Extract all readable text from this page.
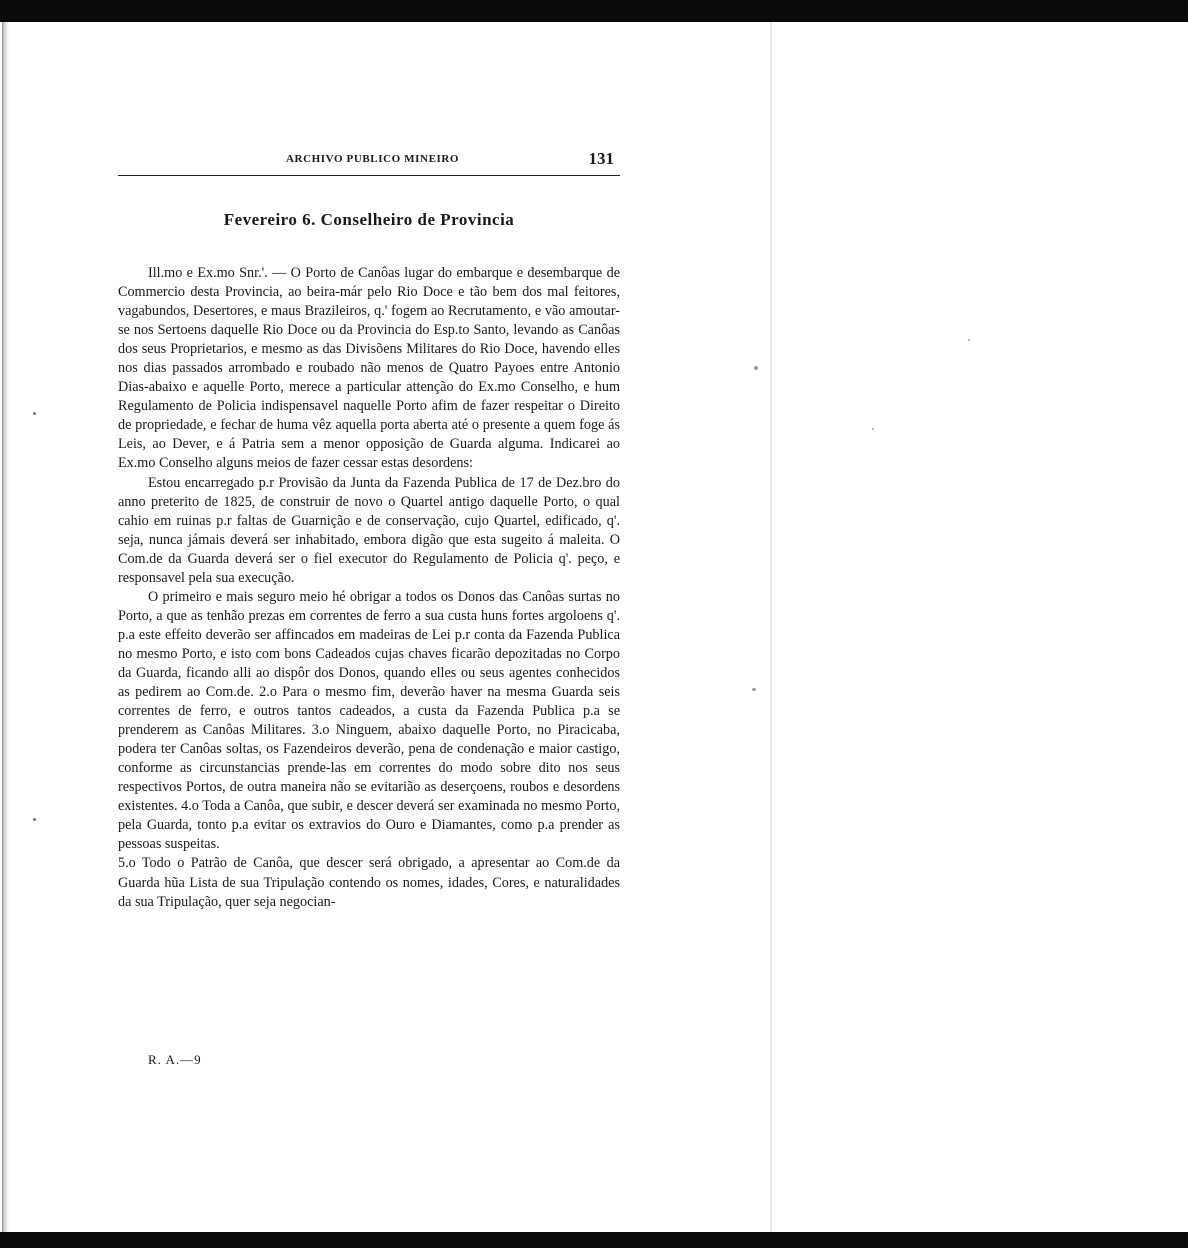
ARCHIVO PUBLICO MINEIRO	131
Fevereiro 6. Conselheiro de Provincia

Ill.mo e Ex.mo Snr.'. — O Porto de Canôas lugar do embarque e desembarque de Commercio desta Provincia, ao beira-már pelo Rio Doce e tão bem dos mal feitores, vagabundos, Desertores, e maus Brazileiros, q.' fogem ao Recrutamento, e vão amoutar-se nos Sertoens daquelle Rio Doce ou da Provincia do Esp.to Santo, levando as Canôas dos seus Proprietarios, e mesmo as das Divisõens Militares do Rio Doce, havendo elles nos dias passados arrombado e roubado não menos de Quatro Payoes entre Antonio Dias-abaixo e aquelle Porto, merece a particular attenção do Ex.mo Conselho, e hum Regulamento de Policia indispensavel naquelle Porto afim de fazer respeitar o Direito de propriedade, e fechar de huma vêz aquella porta aberta até o presente a quem foge ás Leis, ao Dever, e á Patria sem a menor opposição de Guarda alguma. Indicarei ao Ex.mo Conselho alguns meios de fazer cessar estas desordens:

Estou encarregado p.r Provisão da Junta da Fazenda Publica de 17 de Dez.bro do anno preterito de 1825, de construir de novo o Quartel antigo daquelle Porto, o qual cahio em ruinas p.r faltas de Guarnição e de conservação, cujo Quartel, edificado, q'. seja, nunca jámais deverá ser inhabitado, embora digão que esta sugeito á maleita. O Com.de da Guarda deverá ser o fiel executor do Regulamento de Policia q'. peço, e responsavel pela sua execução.

O primeiro e mais seguro meio hé obrigar a todos os Donos das Canôas surtas no Porto, a que as tenhão prezas em correntes de ferro a sua custa huns fortes argoloens q'. p.a este effeito deverão ser affincados em madeiras de Lei p.r conta da Fazenda Publica no mesmo Porto, e isto com bons Cadeados cujas chaves ficarão depozitadas no Corpo da Guarda, ficando alli ao dispôr dos Donos, quando elles ou seus agentes conhecidos as pedirem ao Com.de. 2.o Para o mesmo fim, deverão haver na mesma Guarda seis correntes de ferro, e outros tantos cadeados, a custa da Fazenda Publica p.a se prenderem as Canôas Militares. 3.o Ninguem, abaixo daquelle Porto, no Piracicaba, podera ter Canôas soltas, os Fazendeiros deverão, pena de condenação e maior castigo, conforme as circunstancias prende-las em correntes do modo sobre dito nos seus respectivos Portos, de outra maneira não se evitarião as deserçoens, roubos e desordens existentes. 4.o Toda a Canôa, que subir, e descer deverá ser examinada no mesmo Porto, pela Guarda, tonto p.a evitar os extravios do Ouro e Diamantes, como p.a prender as pessoas suspeitas.

5.o Todo o Patrão de Canôa, que descer será obrigado, a apresentar ao Com.de da Guarda hũa Lista de sua Tripulação contendo os nomes, idades, Cores, e naturalidades da sua Tripulação, quer seja negocian-

R. A.—9
